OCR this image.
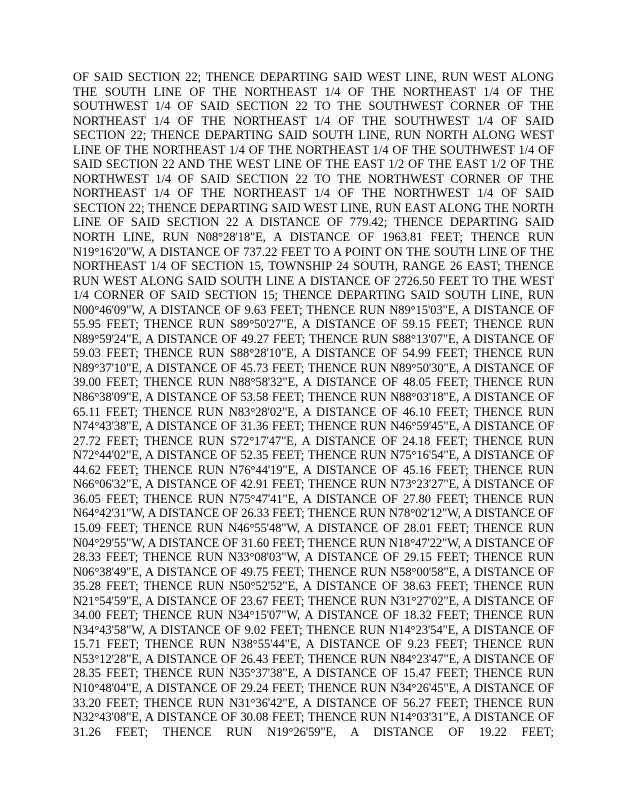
OF SAID SECTION 22; THENCE DEPARTING SAID WEST LINE, RUN WEST ALONG THE SOUTH LINE OF THE NORTHEAST 1/4 OF THE NORTHEAST 1/4 OF THE SOUTHWEST 1/4 OF SAID SECTION 22 TO THE SOUTHWEST CORNER OF THE NORTHEAST 1/4 OF THE NORTHEAST 1/4 OF THE SOUTHWEST 1/4 OF SAID SECTION 22; THENCE DEPARTING SAID SOUTH LINE, RUN NORTH ALONG WEST LINE OF THE NORTHEAST 1/4 OF THE NORTHEAST 1/4 OF THE SOUTHWEST 1/4 OF SAID SECTION 22 AND THE WEST LINE OF THE EAST 1/2 OF THE EAST 1/2 OF THE NORTHWEST 1/4 OF SAID SECTION 22 TO THE NORTHWEST CORNER OF THE NORTHEAST 1/4 OF THE NORTHEAST 1/4 OF THE NORTHWEST 1/4 OF SAID SECTION 22; THENCE DEPARTING SAID WEST LINE, RUN EAST ALONG THE NORTH LINE OF SAID SECTION 22 A DISTANCE OF 779.42; THENCE DEPARTING SAID NORTH LINE, RUN N08°28'18"E, A DISTANCE OF 1963.81 FEET; THENCE RUN N19°16'20"W, A DISTANCE OF 737.22 FEET TO A POINT ON THE SOUTH LINE OF THE NORTHEAST 1/4 OF SECTION 15, TOWNSHIP 24 SOUTH, RANGE 26 EAST; THENCE RUN WEST ALONG SAID SOUTH LINE A DISTANCE OF 2726.50 FEET TO THE WEST 1/4 CORNER OF SAID SECTION 15; THENCE DEPARTING SAID SOUTH LINE, RUN N00°46'09"W, A DISTANCE OF 9.63 FEET; THENCE RUN N89°15'03"E, A DISTANCE OF 55.95 FEET; THENCE RUN S89°50'27"E, A DISTANCE OF 59.15 FEET; THENCE RUN N89°59'24"E, A DISTANCE OF 49.27 FEET; THENCE RUN S88°13'07"E, A DISTANCE OF 59.03 FEET; THENCE RUN S88°28'10"E, A DISTANCE OF 54.99 FEET; THENCE RUN N89°37'10"E, A DISTANCE OF 45.73 FEET; THENCE RUN N89°50'30"E, A DISTANCE OF 39.00 FEET; THENCE RUN N88°58'32"E, A DISTANCE OF 48.05 FEET; THENCE RUN N86°38'09"E, A DISTANCE OF 53.58 FEET; THENCE RUN N88°03'18"E, A DISTANCE OF 65.11 FEET; THENCE RUN N83°28'02"E, A DISTANCE OF 46.10 FEET; THENCE RUN N74°43'38"E, A DISTANCE OF 31.36 FEET; THENCE RUN N46°59'45"E, A DISTANCE OF 27.72 FEET; THENCE RUN S72°17'47"E, A DISTANCE OF 24.18 FEET; THENCE RUN N72°44'02"E, A DISTANCE OF 52.35 FEET; THENCE RUN N75°16'54"E, A DISTANCE OF 44.62 FEET; THENCE RUN N76°44'19"E, A DISTANCE OF 45.16 FEET; THENCE RUN N66°06'32"E, A DISTANCE OF 42.91 FEET; THENCE RUN N73°23'27"E, A DISTANCE OF 36.05 FEET; THENCE RUN N75°47'41"E, A DISTANCE OF 27.80 FEET; THENCE RUN N64°42'31"W, A DISTANCE OF 26.33 FEET; THENCE RUN N78°02'12"W, A DISTANCE OF 15.09 FEET; THENCE RUN N46°55'48"W, A DISTANCE OF 28.01 FEET; THENCE RUN N04°29'55"W, A DISTANCE OF 31.60 FEET; THENCE RUN N18°47'22"W, A DISTANCE OF 28.33 FEET; THENCE RUN N33°08'03"W, A DISTANCE OF 29.15 FEET; THENCE RUN N06°38'49"E, A DISTANCE OF 49.75 FEET; THENCE RUN N58°00'58"E, A DISTANCE OF 35.28 FEET; THENCE RUN N50°52'52"E, A DISTANCE OF 38.63 FEET; THENCE RUN N21°54'59"E, A DISTANCE OF 23.67 FEET; THENCE RUN N31°27'02"E, A DISTANCE OF 34.00 FEET; THENCE RUN N34°15'07"W, A DISTANCE OF 18.32 FEET; THENCE RUN N34°43'58"W, A DISTANCE OF 9.02 FEET; THENCE RUN N14°23'54"E, A DISTANCE OF 15.71 FEET; THENCE RUN N38°55'44"E, A DISTANCE OF 9.23 FEET; THENCE RUN N53°12'28"E, A DISTANCE OF 26.43 FEET; THENCE RUN N84°23'47"E, A DISTANCE OF 28.35 FEET; THENCE RUN N35°37'38"E, A DISTANCE OF 15.47 FEET; THENCE RUN N10°48'04"E, A DISTANCE OF 29.24 FEET; THENCE RUN N34°26'45"E, A DISTANCE OF 33.20 FEET; THENCE RUN N31°36'42"E, A DISTANCE OF 56.27 FEET; THENCE RUN N32°43'08"E, A DISTANCE OF 30.08 FEET; THENCE RUN N14°03'31"E, A DISTANCE OF 31.26 FEET; THENCE RUN N19°26'59"E, A DISTANCE OF 19.22 FEET;
